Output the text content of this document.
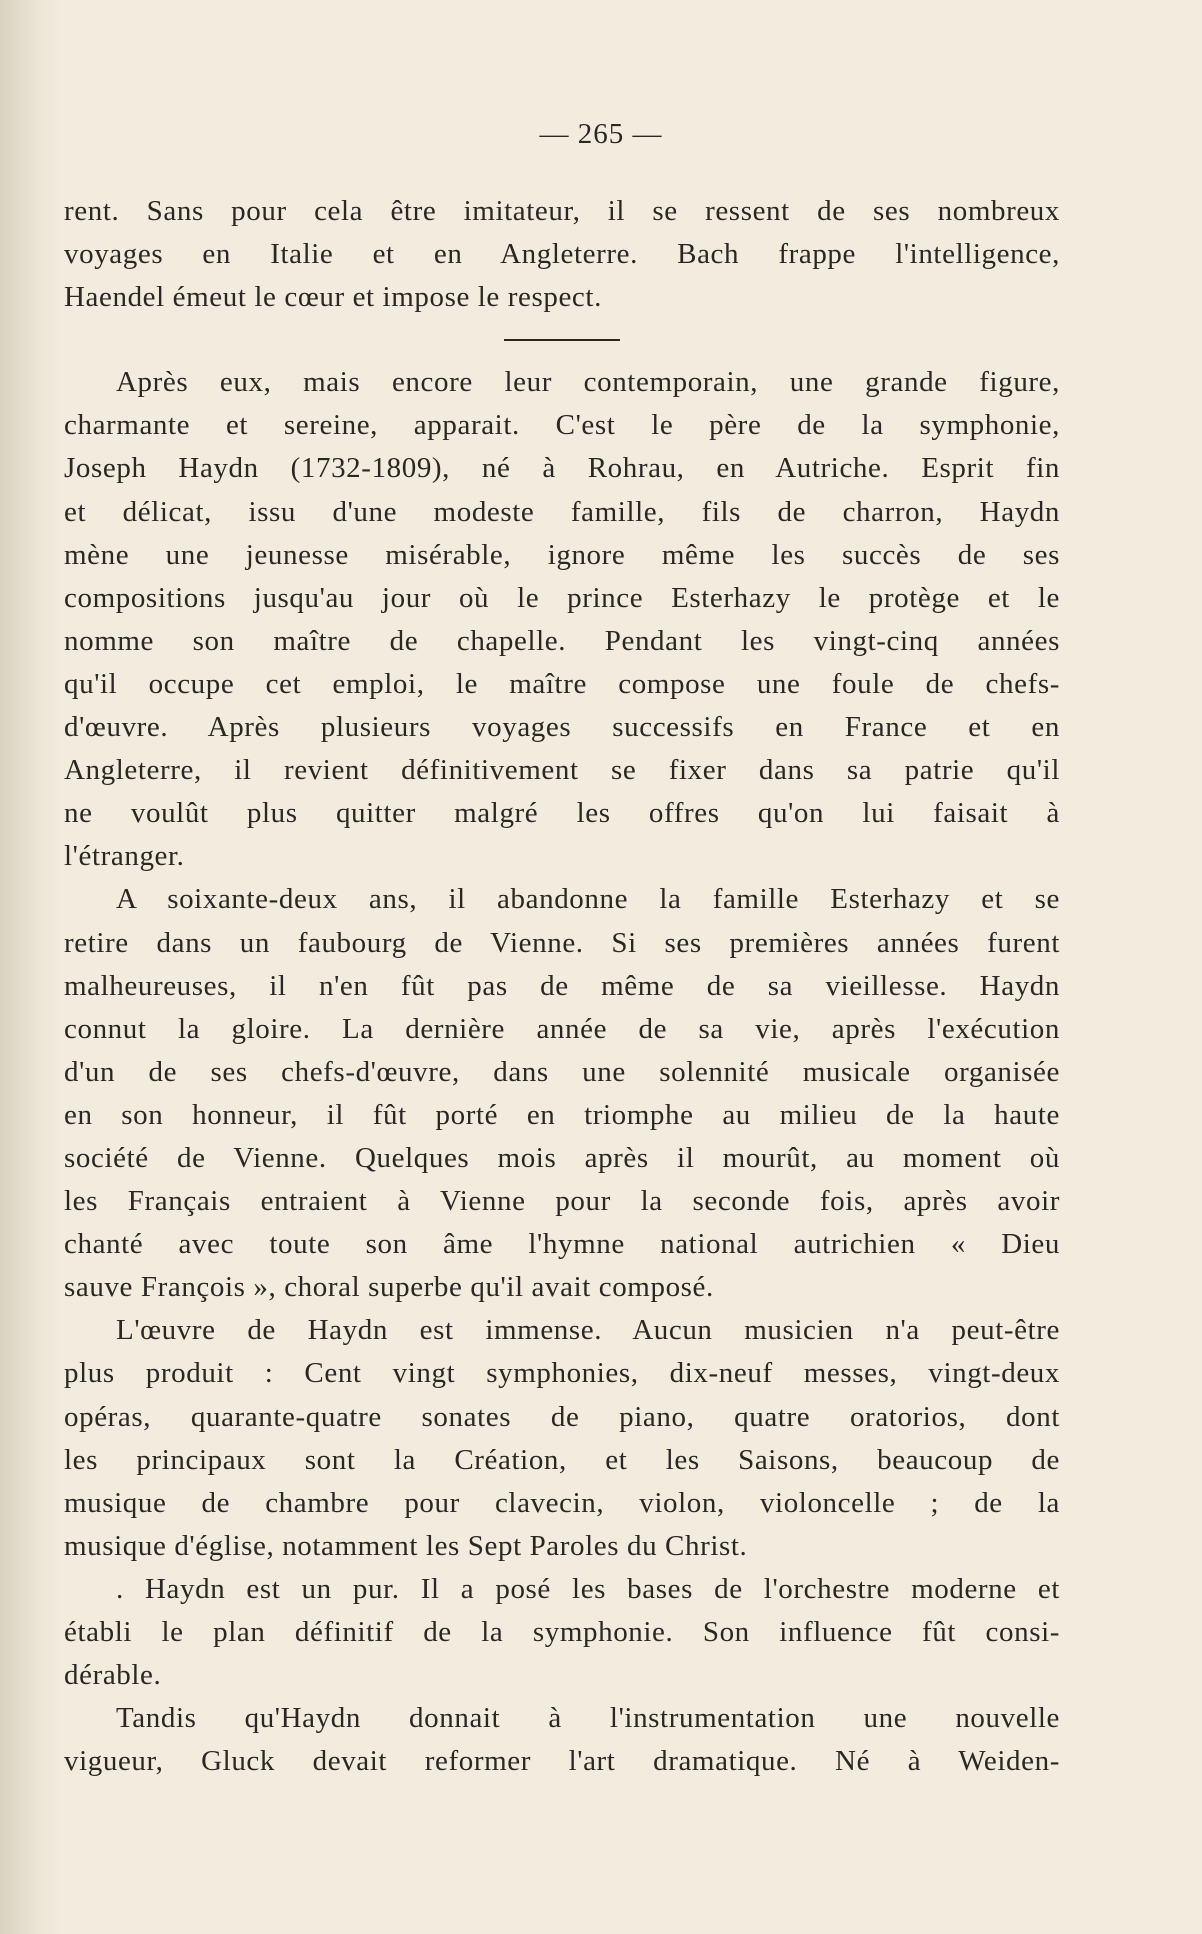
— 265 —
rent. Sans pour cela être imitateur, il se ressent de ses nombreux
voyages en Italie et en Angleterre. Bach frappe l'intelligence,
Haendel émeut le cœur et impose le respect.
Après eux, mais encore leur contemporain, une grande figure,
charmante et sereine, apparait. C'est le père de la symphonie,
Joseph Haydn (1732-1809), né à Rohrau, en Autriche. Esprit fin
et délicat, issu d'une modeste famille, fils de charron, Haydn
mène une jeunesse misérable, ignore même les succès de ses
compositions jusqu'au jour où le prince Esterhazy le protège et le
nomme son maître de chapelle. Pendant les vingt-cinq années
qu'il occupe cet emploi, le maître compose une foule de chefs-
d'œuvre. Après plusieurs voyages successifs en France et en
Angleterre, il revient définitivement se fixer dans sa patrie qu'il
ne voulût plus quitter malgré les offres qu'on lui faisait à
l'étranger.
A soixante-deux ans, il abandonne la famille Esterhazy et se
retire dans un faubourg de Vienne. Si ses premières années furent
malheureuses, il n'en fût pas de même de sa vieillesse. Haydn
connut la gloire. La dernière année de sa vie, après l'exécution
d'un de ses chefs-d'œuvre, dans une solennité musicale organisée
en son honneur, il fût porté en triomphe au milieu de la haute
société de Vienne. Quelques mois après il mourût, au moment où
les Français entraient à Vienne pour la seconde fois, après avoir
chanté avec toute son âme l'hymne national autrichien « Dieu
sauve François », choral superbe qu'il avait composé.
L'œuvre de Haydn est immense. Aucun musicien n'a peut-être
plus produit : Cent vingt symphonies, dix-neuf messes, vingt-deux
opéras, quarante-quatre sonates de piano, quatre oratorios, dont
les principaux sont la Création, et les Saisons, beaucoup de
musique de chambre pour clavecin, violon, violoncelle ; de la
musique d'église, notamment les Sept Paroles du Christ.
. Haydn est un pur. Il a posé les bases de l'orchestre moderne et
établi le plan définitif de la symphonie. Son influence fût consi-
dérable.
Tandis qu'Haydn donnait à l'instrumentation une nouvelle
vigueur, Gluck devait reformer l'art dramatique. Né à Weiden-
